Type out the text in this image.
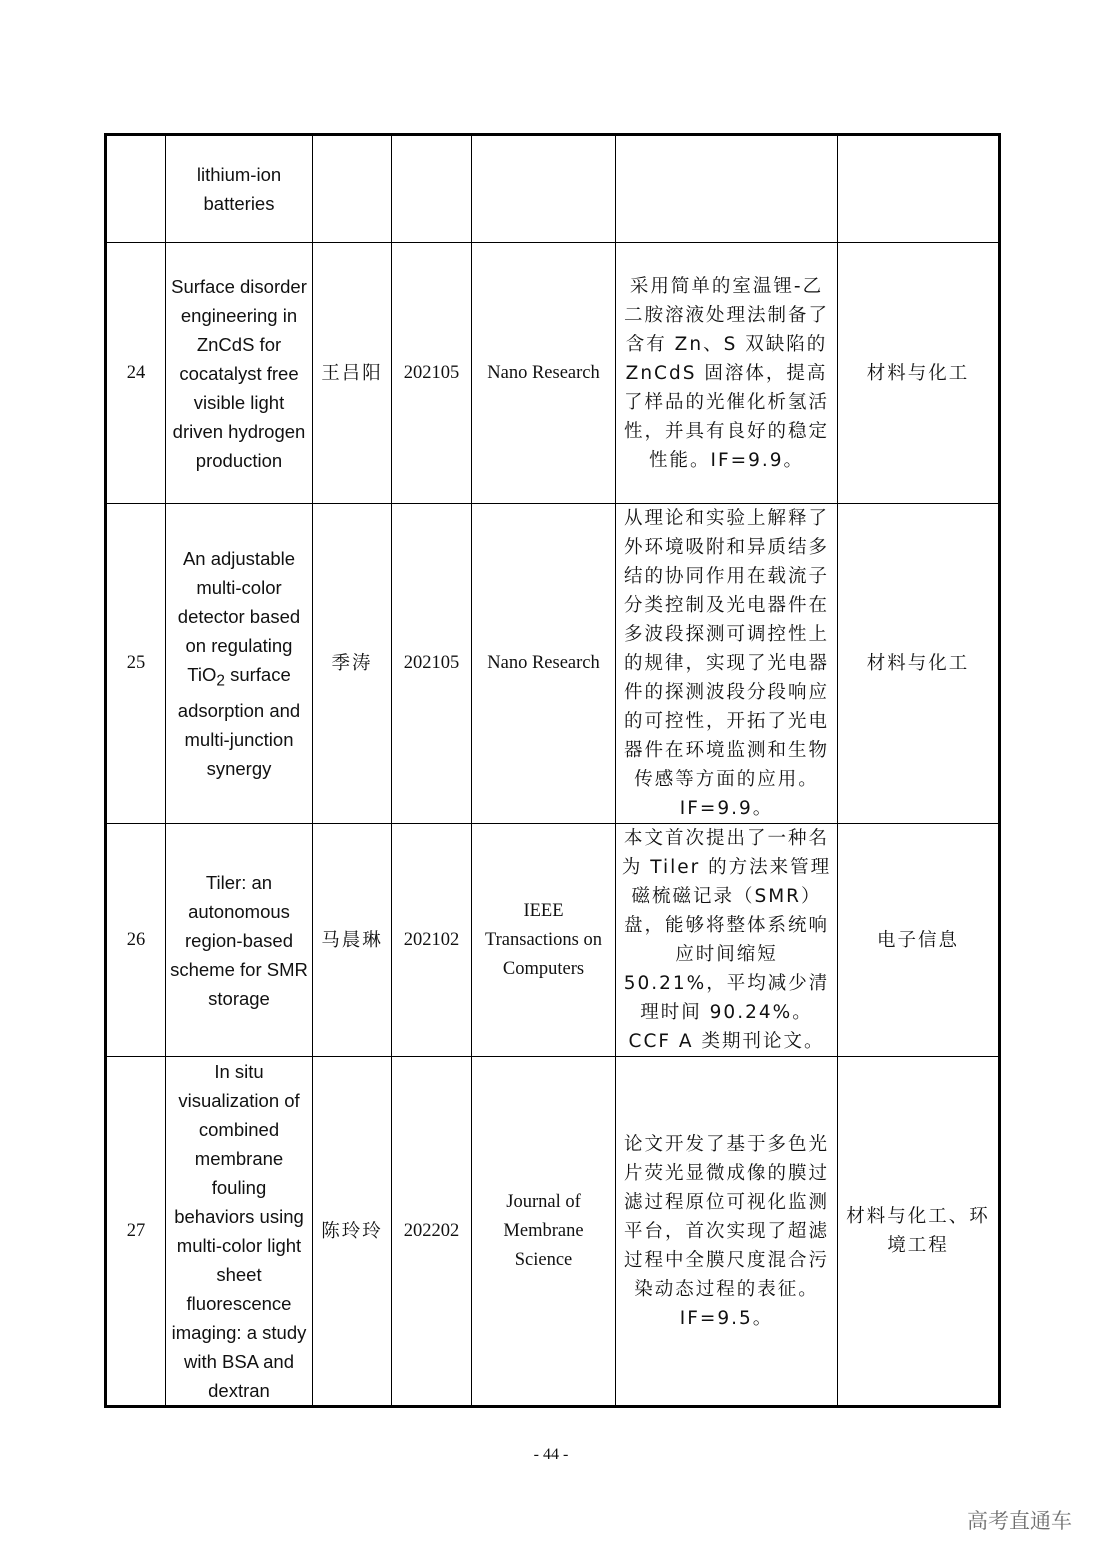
	lithium-ion batteries					
24	Surface disorder engineering in ZnCdS for cocatalyst free visible light driven hydrogen production	王吕阳	202105	Nano Research	采用简单的室温锂-乙二胺溶液处理法制备了含有 Zn、S 双缺陷的 ZnCdS 固溶体，提高了样品的光催化析氢活性，并具有良好的稳定性能。IF=9.9。	材料与化工
25	An adjustable multi-color detector based on regulating TiO$_2$ surface adsorption and multi-junction synergy	季涛	202105	Nano Research	从理论和实验上解释了外环境吸附和异质结多结的协同作用在载流子分类控制及光电器件在多波段探测可调控性上的规律，实现了光电器件的探测波段分段响应的可控性，开拓了光电器件在环境监测和生物传感等方面的应用。IF=9.9。	材料与化工
26	Tiler: an autonomous region-based scheme for SMR storage	马晨琳	202102	IEEE Transactions on Computers	本文首次提出了一种名为 Tiler 的方法来管理磁梳磁记录（SMR）盘，能够将整体系统响应时间缩短 50.21%，平均减少清理时间 90.24%。CCF A 类期刊论文。	电子信息
27	In situ visualization of combined membrane fouling behaviors using multi-color light sheet fluorescence imaging: a study with BSA and dextran	陈玲玲	202202	Journal of Membrane Science	论文开发了基于多色光片荧光显微成像的膜过滤过程原位可视化监测平台，首次实现了超滤过程中全膜尺度混合污染动态过程的表征。IF=9.5。	材料与化工、环境工程
- 44 -
高考直通车
